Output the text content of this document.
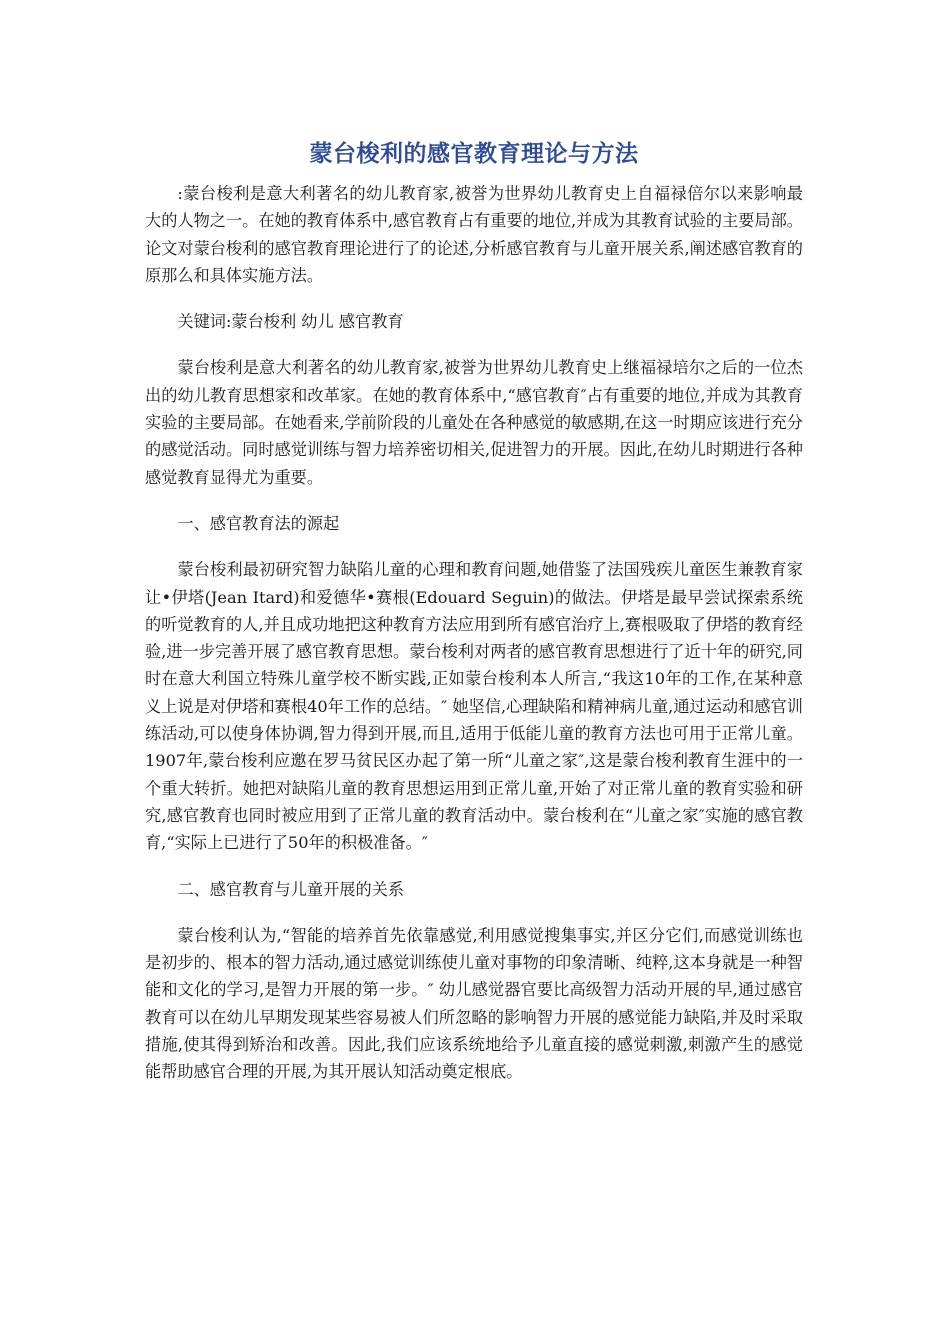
蒙台梭利的感官教育理论与方法

:蒙台梭利是意大利著名的幼儿教育家,被誉为世界幼儿教育史上自福禄倍尔以来影响最大的人物之一。在她的教育体系中,感官教育占有重要的地位,并成为其教育试验的主要局部。论文对蒙台梭利的感官教育理论进行了的论述,分析感官教育与儿童开展关系,阐述感官教育的原那么和具体实施方法。

关键词:蒙台梭利 幼儿 感官教育

蒙台梭利是意大利著名的幼儿教育家,被誉为世界幼儿教育史上继福禄培尔之后的一位杰出的幼儿教育思想家和改革家。在她的教育体系中,“感官教育″占有重要的地位,并成为其教育实验的主要局部。在她看来,学前阶段的儿童处在各种感觉的敏感期,在这一时期应该进行充分的感觉活动。同时感觉训练与智力培养密切相关,促进智力的开展。因此,在幼儿时期进行各种感觉教育显得尤为重要。

一、感官教育法的源起

蒙台梭利最初研究智力缺陷儿童的心理和教育问题,她借鉴了法国残疾儿童医生兼教育家让•伊塔(Jean Itard)和爱德华•赛根(Edouard Seguin)的做法。伊塔是最早尝试探索系统的听觉教育的人,并且成功地把这种教育方法应用到所有感官治疗上,赛根吸取了伊塔的教育经验,进一步完善开展了感官教育思想。蒙台梭利对两者的感官教育思想进行了近十年的研究,同时在意大利国立特殊儿童学校不断实践,正如蒙台梭利本人所言,“我这10年的工作,在某种意义上说是对伊塔和赛根40年工作的总结。″ 她坚信,心理缺陷和精神病儿童,通过运动和感官训练活动,可以使身体协调,智力得到开展,而且,适用于低能儿童的教育方法也可用于正常儿童。1907年,蒙台梭利应邀在罗马贫民区办起了第一所“儿童之家″,这是蒙台梭利教育生涯中的一个重大转折。她把对缺陷儿童的教育思想运用到正常儿童,开始了对正常儿童的教育实验和研究,感官教育也同时被应用到了正常儿童的教育活动中。蒙台梭利在“儿童之家″实施的感官教育,“实际上已进行了50年的积极准备。″

二、感官教育与儿童开展的关系

蒙台梭利认为,“智能的培养首先依靠感觉,利用感觉搜集事实,并区分它们,而感觉训练也是初步的、根本的智力活动,通过感觉训练使儿童对事物的印象清晰、纯粹,这本身就是一种智能和文化的学习,是智力开展的第一步。″ 幼儿感觉器官要比高级智力活动开展的早,通过感官教育可以在幼儿早期发现某些容易被人们所忽略的影响智力开展的感觉能力缺陷,并及时采取措施,使其得到矫治和改善。因此,我们应该系统地给予儿童直接的感觉刺激,刺激产生的感觉能帮助感官合理的开展,为其开展认知活动奠定根底。
